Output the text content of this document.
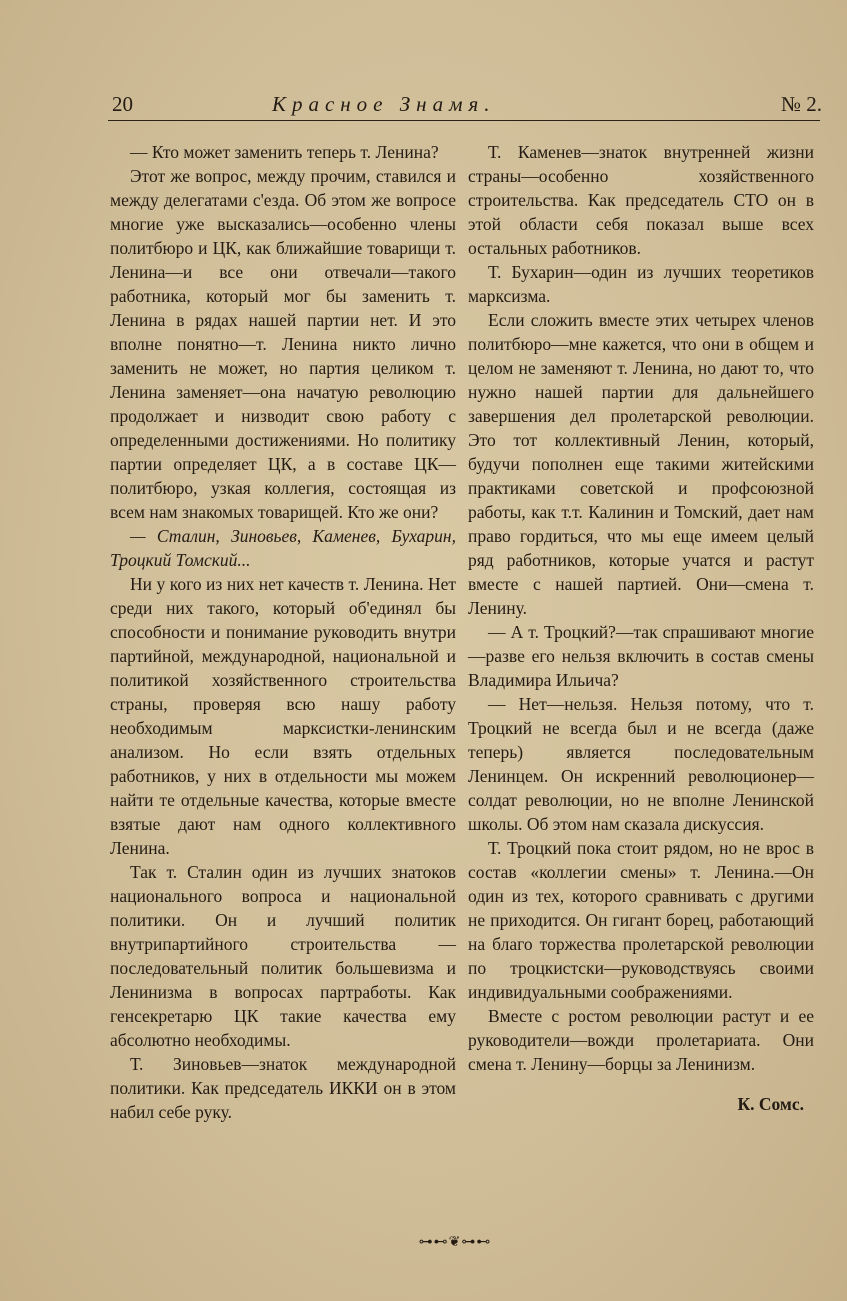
20	Красное Знамя.	№ 2.

— Кто может заменить теперь т. Ленина?

Этот же вопрос, между прочим, ставился и между делегатами с'езда. Об этом же вопросе многие уже высказались—особенно члены политбюро и ЦК, как ближайшие товарищи т. Ленина—и все они отвечали—такого работника, который мог бы заменить т. Ленина в рядах нашей партии нет. И это вполне понятно—т. Ленина никто лично заменить не может, но партия целиком т. Ленина заменяет—она начатую революцию продолжает и низводит свою работу с определенными достижениями. Но политику партии определяет ЦК, а в составе ЦК—политбюро, узкая коллегия, состоящая из всем нам знакомых товарищей. Кто же они?

— Сталин, Зиновьев, Каменев, Бухарин, Троцкий Томский...

Ни у кого из них нет качеств т. Ленина. Нет среди них такого, который об'единял бы способности и понимание руководить внутри партийной, международной, национальной и политикой хозяйственного строительства страны, проверяя всю нашу работу необходимым марксистки-ленинским анализом. Но если взять отдельных работников, у них в отдельности мы можем найти те отдельные качества, которые вместе взятые дают нам одного коллективного Ленина.

Так т. Сталин один из лучших знатоков национального вопроса и национальной политики. Он и лучший политик внутрипартийного строительства — последовательный политик большевизма и Ленинизма в вопросах партработы. Как генсекретарю ЦК такие качества ему абсолютно необходимы.

Т. Зиновьев—знаток международной политики. Как председатель ИККИ он в этом набил себе руку.

Т. Каменев—знаток внутренней жизни страны—особенно хозяйственного строительства. Как председатель СТО он в этой области себя показал выше всех остальных работников.

Т. Бухарин—один из лучших теоретиков марксизма.

Если сложить вместе этих четырех членов политбюро—мне кажется, что они в общем и целом не заменяют т. Ленина, но дают то, что нужно нашей партии для дальнейшего завершения дел пролетарской революции. Это тот коллективный Ленин, который, будучи пополнен еще такими житейскими практиками советской и профсоюзной работы, как т.т. Калинин и Томский, дает нам право гордиться, что мы еще имеем целый ряд работников, которые учатся и растут вместе с нашей партией. Они—смена т. Ленину.

— А т. Троцкий?—так спрашивают многие—разве его нельзя включить в состав смены Владимира Ильича?

— Нет—нельзя. Нельзя потому, что т. Троцкий не всегда был и не всегда (даже теперь) является последовательным Ленинцем. Он искренний революционер—солдат революции, но не вполне Ленинской школы. Об этом нам сказала дискуссия.

Т. Троцкий пока стоит рядом, но не врос в состав «коллегии смены» т. Ленина.—Он один из тех, которого сравнивать с другими не приходится. Он гигант борец, работающий на благо торжества пролетарской революции по троцкистски—руководствуясь своими индивидуальными соображениями.

Вместе с ростом революции растут и ее руководители—вожди пролетариата. Они смена т. Ленину—борцы за Ленинизм.

К. Сомс.
⊶⊷❦⊶⊷
